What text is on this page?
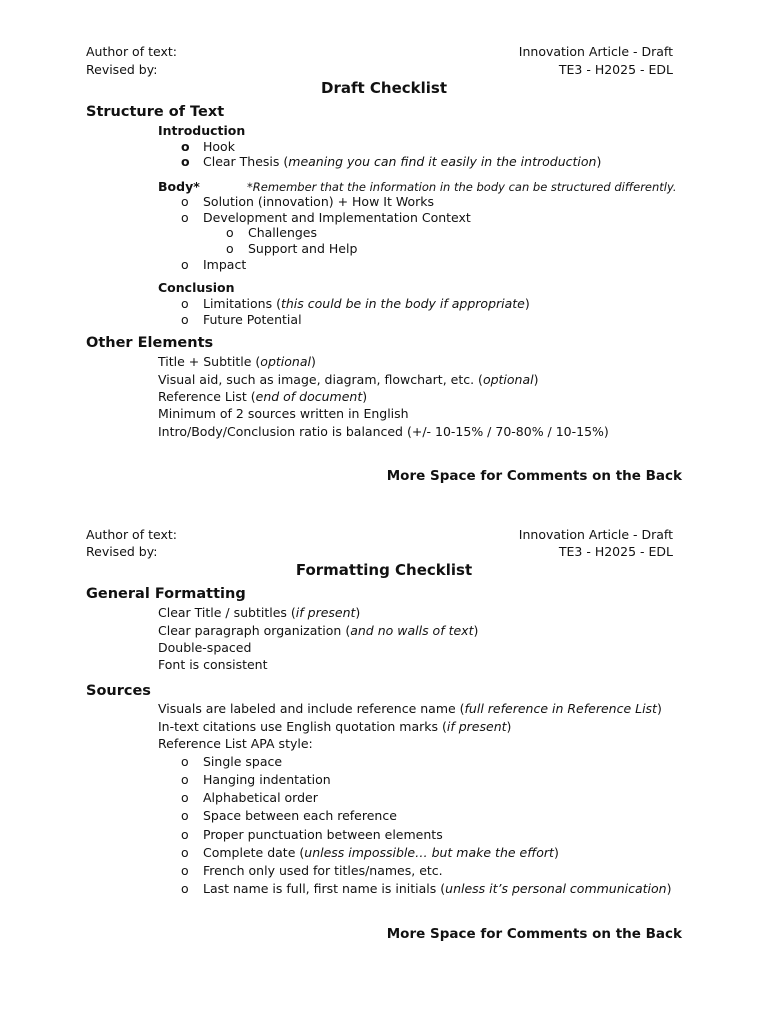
Author of text:
Revised by:
Innovation Article - Draft
TE3 - H2025 - EDL
Draft Checklist
Structure of Text
Introduction
o Hook
o Clear Thesis (meaning you can find it easily in the introduction)
Body*	*Remember that the information in the body can be structured differently.
o Solution (innovation) + How It Works
o Development and Implementation Context
o Challenges
o Support and Help
o Impact
Conclusion
o Limitations (this could be in the body if appropriate)
o Future Potential
Other Elements
Title + Subtitle (optional)
Visual aid, such as image, diagram, flowchart, etc. (optional)
Reference List (end of document)
Minimum of 2 sources written in English
Intro/Body/Conclusion ratio is balanced (+/- 10-15% / 70-80% / 10-15%)
More Space for Comments on the Back
Author of text:
Revised by:
Innovation Article - Draft
TE3 - H2025 - EDL
Formatting Checklist
General Formatting
Clear Title / subtitles (if present)
Clear paragraph organization (and no walls of text)
Double-spaced
Font is consistent
Sources
Visuals are labeled and include reference name (full reference in Reference List)
In-text citations use English quotation marks (if present)
Reference List APA style:
o Single space
o Hanging indentation
o Alphabetical order
o Space between each reference
o Proper punctuation between elements
o Complete date (unless impossible… but make the effort)
o French only used for titles/names, etc.
o Last name is full, first name is initials (unless it’s personal communication)
More Space for Comments on the Back
